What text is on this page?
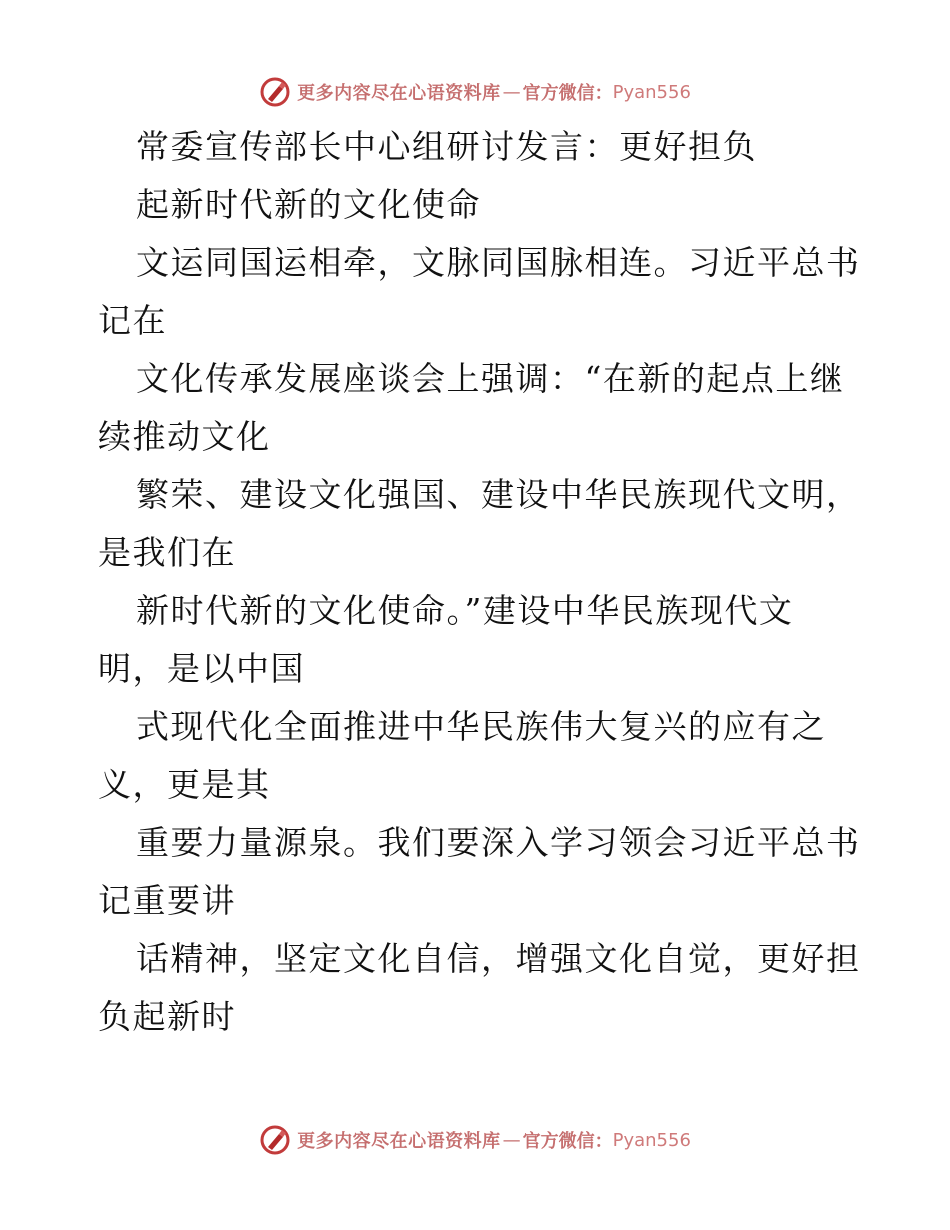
更多内容尽在心语资料库 — 官方微信： Pyan556
常委宣传部长中心组研讨发言：更好担负
起新时代新的文化使命
文运同国运相牵，文脉同国脉相连。习近平总书
记在
文化传承发展座谈会上强调：“在新的起点上继
续推动文化
繁荣、建设文化强国、建设中华民族现代文明，
是我们在
新时代新的文化使命。”建设中华民族现代文
明，是以中国
式现代化全面推进中华民族伟大复兴的应有之
义，更是其
重要力量源泉。我们要深入学习领会习近平总书
记重要讲
话精神，坚定文化自信，增强文化自觉，更好担
负起新时
更多内容尽在心语资料库 — 官方微信： Pyan556
